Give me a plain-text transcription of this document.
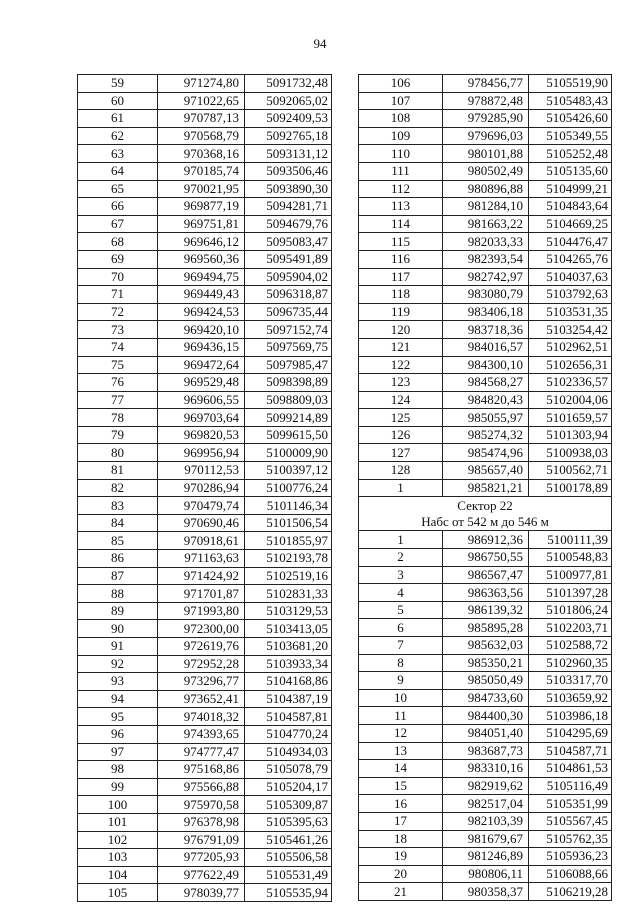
94
59	971274,80	5091732,48
60	971022,65	5092065,02
61	970787,13	5092409,53
62	970568,79	5092765,18
63	970368,16	5093131,12
64	970185,74	5093506,46
65	970021,95	5093890,30
66	969877,19	5094281,71
67	969751,81	5094679,76
68	969646,12	5095083,47
69	969560,36	5095491,89
70	969494,75	5095904,02
71	969449,43	5096318,87
72	969424,53	5096735,44
73	969420,10	5097152,74
74	969436,15	5097569,75
75	969472,64	5097985,47
76	969529,48	5098398,89
77	969606,55	5098809,03
78	969703,64	5099214,89
79	969820,53	5099615,50
80	969956,94	5100009,90
81	970112,53	5100397,12
82	970286,94	5100776,24
83	970479,74	5101146,34
84	970690,46	5101506,54
85	970918,61	5101855,97
86	971163,63	5102193,78
87	971424,92	5102519,16
88	971701,87	5102831,33
89	971993,80	5103129,53
90	972300,00	5103413,05
91	972619,76	5103681,20
92	972952,28	5103933,34
93	973296,77	5104168,86
94	973652,41	5104387,19
95	974018,32	5104587,81
96	974393,65	5104770,24
97	974777,47	5104934,03
98	975168,86	5105078,79
99	975566,88	5105204,17
100	975970,58	5105309,87
101	976378,98	5105395,63
102	976791,09	5105461,26
103	977205,93	5105506,58
104	977622,49	5105531,49
105	978039,77	5105535,94
106	978456,77	5105519,90
107	978872,48	5105483,43
108	979285,90	5105426,60
109	979696,03	5105349,55
110	980101,88	5105252,48
111	980502,49	5105135,60
112	980896,88	5104999,21
113	981284,10	5104843,64
114	981663,22	5104669,25
115	982033,33	5104476,47
116	982393,54	5104265,76
117	982742,97	5104037,63
118	983080,79	5103792,63
119	983406,18	5103531,35
120	983718,36	5103254,42
121	984016,57	5102962,51
122	984300,10	5102656,31
123	984568,27	5102336,57
124	984820,43	5102004,06
125	985055,97	5101659,57
126	985274,32	5101303,94
127	985474,96	5100938,03
128	985657,40	5100562,71
1	985821,21	5100178,89
Сектор 22		
Набс от 542 м до 546 м		
1	986912,36	5100111,39
2	986750,55	5100548,83
3	986567,47	5100977,81
4	986363,56	5101397,28
5	986139,32	5101806,24
6	985895,28	5102203,71
7	985632,03	5102588,72
8	985350,21	5102960,35
9	985050,49	5103317,70
10	984733,60	5103659,92
11	984400,30	5103986,18
12	984051,40	5104295,69
13	983687,73	5104587,71
14	983310,16	5104861,53
15	982919,62	5105116,49
16	982517,04	5105351,99
17	982103,39	5105567,45
18	981679,67	5105762,35
19	981246,89	5105936,23
20	980806,11	5106088,66
21	980358,37	5106219,28
